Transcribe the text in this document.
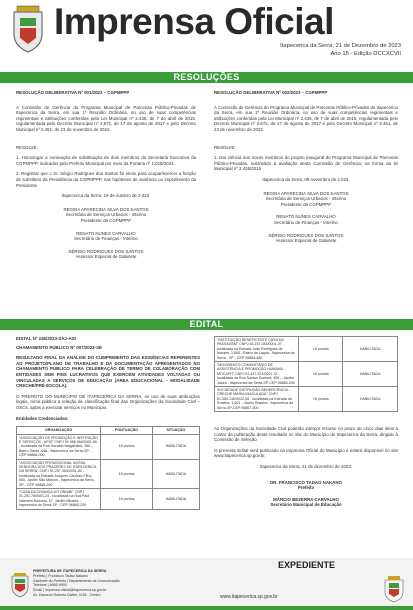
Imprensa Oficial
Itapecerica da Serra, 21 de Dezembro de 2023
Ano 15 - Edição DCCXCVII
RESOLUÇÕES

RESOLUÇÃO DELIBERATIVA Nº 001/2023 – CGPMPPP

A Comissão de Gerência do Programa Municipal de Parcerias Público-Privadas de Itapecerica da Serra, em sua 1ª Reunião Ordinária, no uso de suas competências regimentais e atribuições conferidas pela Lei Municipal nº 2.435, de 7 de abril de 2015, regulamentada pelo Decreto Municipal nº 2.672, de 17 de agosto de 2017 e pelo Decreto Municipal nº 3.451, de 23 de novembro de 2022.

RESOLVE:

1. Homologar a nomeação de substituição de dois membros da Secretaria Executiva da CGPMPPP, indicados pelo Prefeito Municipal por meio da Portaria nº 1.019/2023.

2. Registrar que o Sr. Sérgio Rodrigues dos Santos foi eleito para ocupar/exercer a função de substituto da Presidência da CGPMPPP, nas hipóteses de ausência ou impedimento da Presidente.

Itapecerica da Serra, 19 de outubro de 2.023.

REGINA APARECIDA SILVA DOS SANTOS

Secretária de Serviços Urbanos - Interino

Presidente da CGPMPPP

RENATO NUNES CARVALHO

Secretário de Finanças - Interino

SÉRGIO RODRIGUES DOS SANTOS

Assessor Especial de Gabinete

RESOLUÇÃO DELIBERATIVA Nº 002/2023 – CGPMPPP

A Comissão de Gerência do Programa Municipal de Parcerias Público-Privadas de Itapecerica da Serra, em sua 1ª Reunião Ordinária, no uso de suas competências regimentais e atribuições conferidas pela Lei Municipal nº 2.435, de 7 de abril de 2015, regulamentada pelo Decreto Municipal nº 2.672, de 17 de agosto de 2017 e pelo Decreto Municipal nº 3.451, de 23 de novembro de 2022.

RESOLVE:

1. Dar ciência aos novos membros do projeto inaugural do Programa Municipal de Parcerias Público-Privadas, submetido à avaliação desta Comissão de Gerência, na forma da lei Municipal nº 2.435/2015

Itapecerica da Serra, 08 novembro de 2.023.

REGINA APARECIDA SILVA DOS SANTOS

Secretária de Serviços Urbanos - Interino

Presidente da CGPMPPP

RENATO NUNES CARVALHO

Secretário de Finanças - Interino

SÉRGIO RODRIGUES DOS SANTOS

Assessor Especial de Gabinete

EDITAL

EDITAL Nº 246/2023-SAJ-AIO

CHAMAMENTO PÚBLICO Nº 007/2023-SE

RESULTADO FINAL DA ANÁLISE DO CUMPRIMENTO DAS EXIGÊNCIAS REFERENTES AO PROJETO/PLANO DE TRABALHO E DA DOCUMENTAÇÃO APRESENTADOS NO CHAMAMENTO PÚBLICO PARA CELEBRAÇÃO DE TERMO DE COLABORAÇÃO COM ENTIDADES SEM FINS LUCRATIVOS QUE EXERCEM ATIVIDADES VOLTADAS OU VINCULADAS A SERVIÇOS DE EDUCAÇÃO (ÁREA EDUCACIONAL - MODALIDADE CRECHE/PRÉ-ESCOLA).

O PREFEITO DO MUNICÍPIO DE ITAPECERICA DA SERRA, no uso de suas atribuições legais, torna pública a relação de classificação final das Organizações da Sociedade Civil – OSCs, aptas a executar serviços no Município.

Entidades Credenciadas:

ORGANIZAÇÃO	PONTUAÇÃO	SITUAÇÃO
"ASSOCIAÇÃO DE PROMOÇÃO E INSTRUÇÃO E SERVIÇOS - APIS" CNPJ 51.986.960/0001-80 - localizada na Rua Geraldo Magalhães, 168 – Bairro Santa Júlia - Itapecerica da Serra-SP - CEP 06866-000	18 pontos	HABILITADA
"ASSOCIAÇÃO PROMOCIONAL NOSSA SENHORA DOS PRAZERES DE ITAPECERICA DA SERRA" CNPJ 51.257.354/0001-82 - localizada na Estrada Joaquim Cardoso Filho, 550, Jardim São Marcos - Itapecerica da Serra-SP - CEP 06865-200	18 pontos	HABILITADA
"CASA DA CRIANÇA DO ONNIBI" CNPJ 51.251.76/0001-24 - localizada na Rua Paul Valentim Kuricelo, 67, Jardim Mirador - Itapecerica da Serra-SP - CEP 06865-250	18 pontos	HABILITADA
"INSTITUIÇÃO BENEFICENTE CASA DA PASSAGEM" CNPJ 63.157.283/0001-07 - localizada na Estrada João Rodrigues de Moraes, 1.800 - Bairro da Lagoa - Itapecerica da Serra - SP - CEP 06868-480	18 pontos	HABILITADA
"MOVIMENTO COMUNITÁRIO DE ASSISTÊNCIA E PROMOÇÃO HUMANA - MOCAPH" CNPJ 51.447.021/0001-37 - localizada na Rua Santos Dumont, 455 – Jardim Jacira - Itapecerica da Serra-SP-CEP 06864-240	18 pontos	HABILITADA
SOCIEDADE INSTRUÇÃO BENEFICÊNCIA – CRECHE MARIA IMACULADA" CNPJ 61.084.148/0022-08 - localizada na Estrada da Roseira, 1.001 – Bairro Roseira - Itapecerica da Serra-SP-CEP 06867-500	18 pontos	HABILITADA

As Organizações da Sociedade Civil poderão interpor recurso no prazo de cinco dias úteis a contar da publicação deste resultado no site do Município de Itapecerica da Serra, dirigido à Comissão de Seleção

O presente Edital será publicado na Imprensa Oficial do Município e estará disponível no site www.itapecerica.sp.gov.br.

Itapecerica da Serra, 21 de dezembro de 2023.

DR. FRANCISCO TADAO NAKANO

Prefeito

MÁRCIO BEZERRA CARVALHO

Secretário Municipal de Educação

PREFEITURA DE ITAPECERICA DA SERRA
Prefeito | Francisco Tadao Nakano
Gabinete do Prefeito | Departamento de Comunicação
Telefone | 4668-9900
Email | imprensa.oficial@itapecerica.sp.gov.br
Av. Eduardo Roberto Daher, 1135 - Centro
EXPEDIENTE
www.itapecerica.sp.gov.br
